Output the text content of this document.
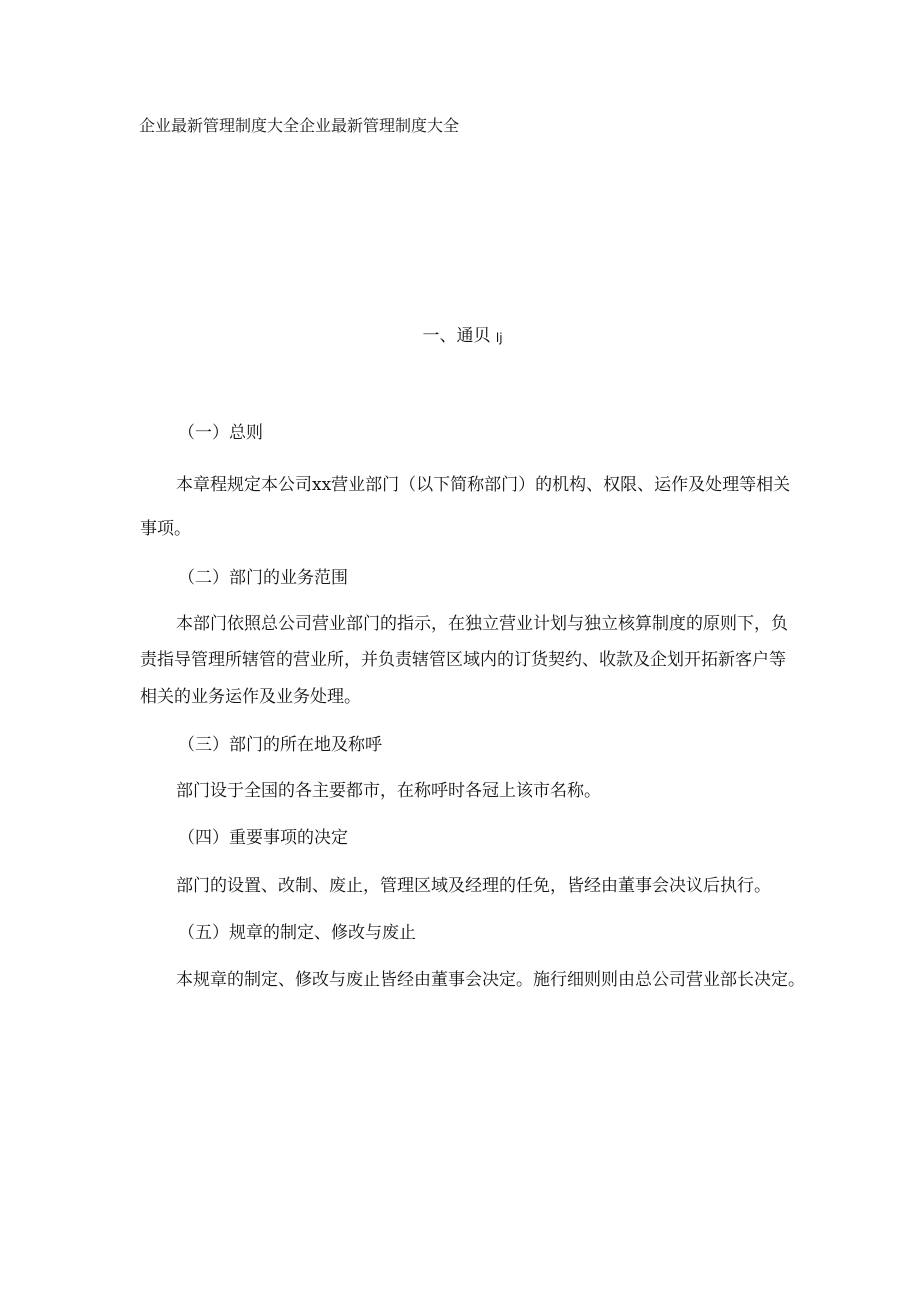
企业最新管理制度大全企业最新管理制度大全
一、通贝 lj
（一）总则
本章程规定本公司xx营业部门（以下简称部门）的机构、权限、运作及处理等相关
事项。
（二）部门的业务范围
本部门依照总公司营业部门的指示，在独立营业计划与独立核算制度的原则下，负
责指导管理所辖管的营业所，并负责辖管区域内的订货契约、收款及企划开拓新客户等
相关的业务运作及业务处理。
（三）部门的所在地及称呼
部门设于全国的各主要都市，在称呼时各冠上该市名称。
（四）重要事项的决定
部门的设置、改制、废止，管理区域及经理的任免，皆经由董事会决议后执行。
（五）规章的制定、修改与废止
本规章的制定、修改与废止皆经由董事会决定。施行细则则由总公司营业部长决定。
